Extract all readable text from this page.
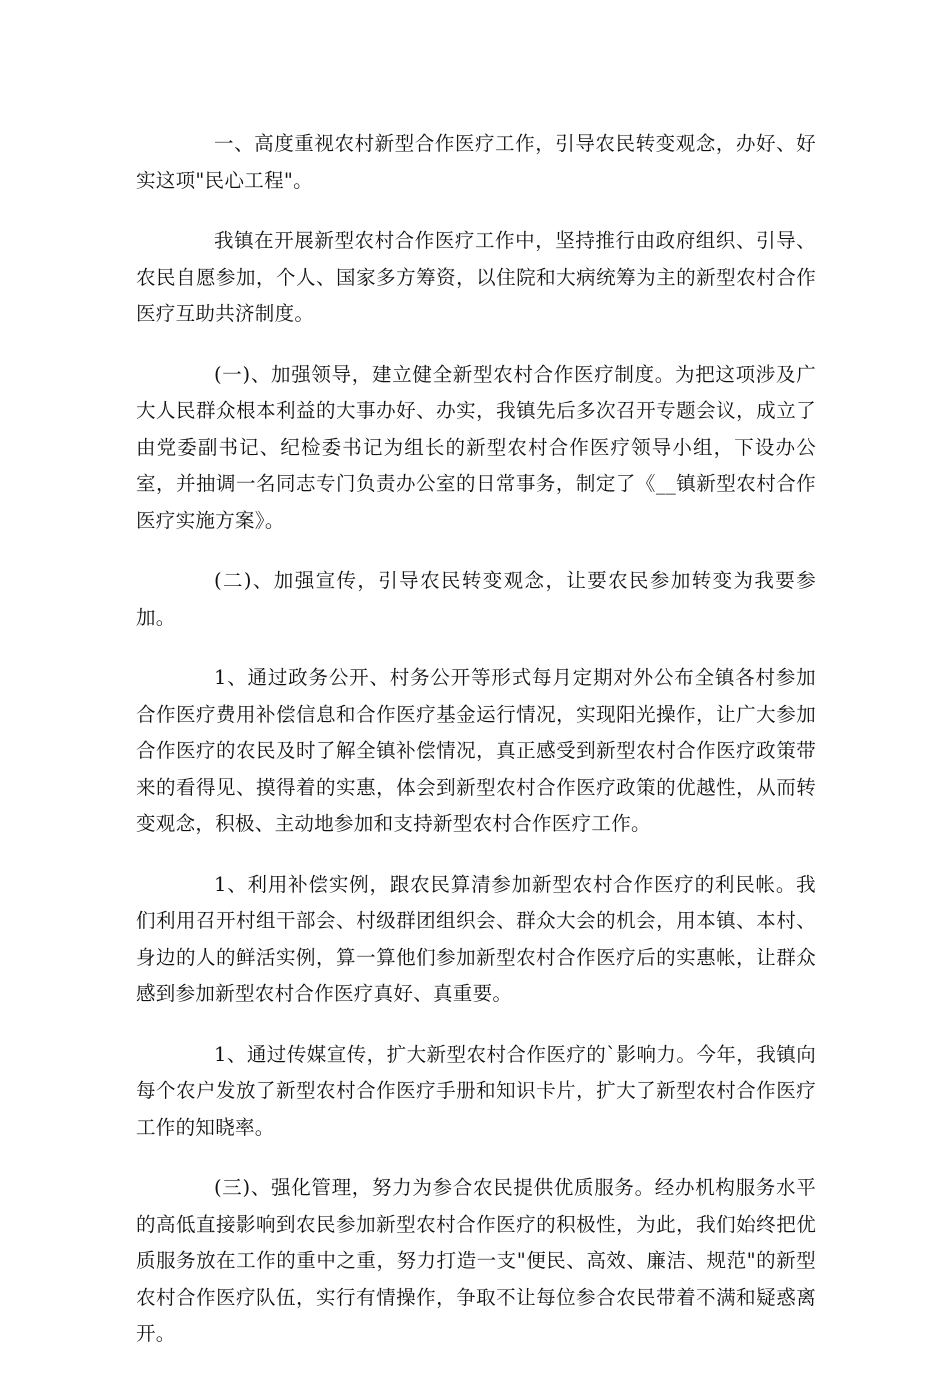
一、高度重视农村新型合作医疗工作，引导农民转变观念，办好、好实这项"民心工程"。

我镇在开展新型农村合作医疗工作中，坚持推行由政府组织、引导、农民自愿参加，个人、国家多方筹资，以住院和大病统筹为主的新型农村合作医疗互助共济制度。

(一)、加强领导，建立健全新型农村合作医疗制度。为把这项涉及广大人民群众根本利益的大事办好、办实，我镇先后多次召开专题会议，成立了由党委副书记、纪检委书记为组长的新型农村合作医疗领导小组，下设办公室，并抽调一名同志专门负责办公室的日常事务，制定了《__镇新型农村合作医疗实施方案》。

(二)、加强宣传，引导农民转变观念，让要农民参加转变为我要参加。

1、通过政务公开、村务公开等形式每月定期对外公布全镇各村参加合作医疗费用补偿信息和合作医疗基金运行情况，实现阳光操作，让广大参加合作医疗的农民及时了解全镇补偿情况，真正感受到新型农村合作医疗政策带来的看得见、摸得着的实惠，体会到新型农村合作医疗政策的优越性，从而转变观念，积极、主动地参加和支持新型农村合作医疗工作。

1、利用补偿实例，跟农民算清参加新型农村合作医疗的利民帐。我们利用召开村组干部会、村级群团组织会、群众大会的机会，用本镇、本村、身边的人的鲜活实例，算一算他们参加新型农村合作医疗后的实惠帐，让群众感到参加新型农村合作医疗真好、真重要。

1、通过传媒宣传，扩大新型农村合作医疗的`影响力。今年，我镇向每个农户发放了新型农村合作医疗手册和知识卡片，扩大了新型农村合作医疗工作的知晓率。

(三)、强化管理，努力为参合农民提供优质服务。经办机构服务水平的高低直接影响到农民参加新型农村合作医疗的积极性，为此，我们始终把优质服务放在工作的重中之重，努力打造一支"便民、高效、廉洁、规范"的新型农村合作医疗队伍，实行有情操作，争取不让每位参合农民带着不满和疑惑离开。
